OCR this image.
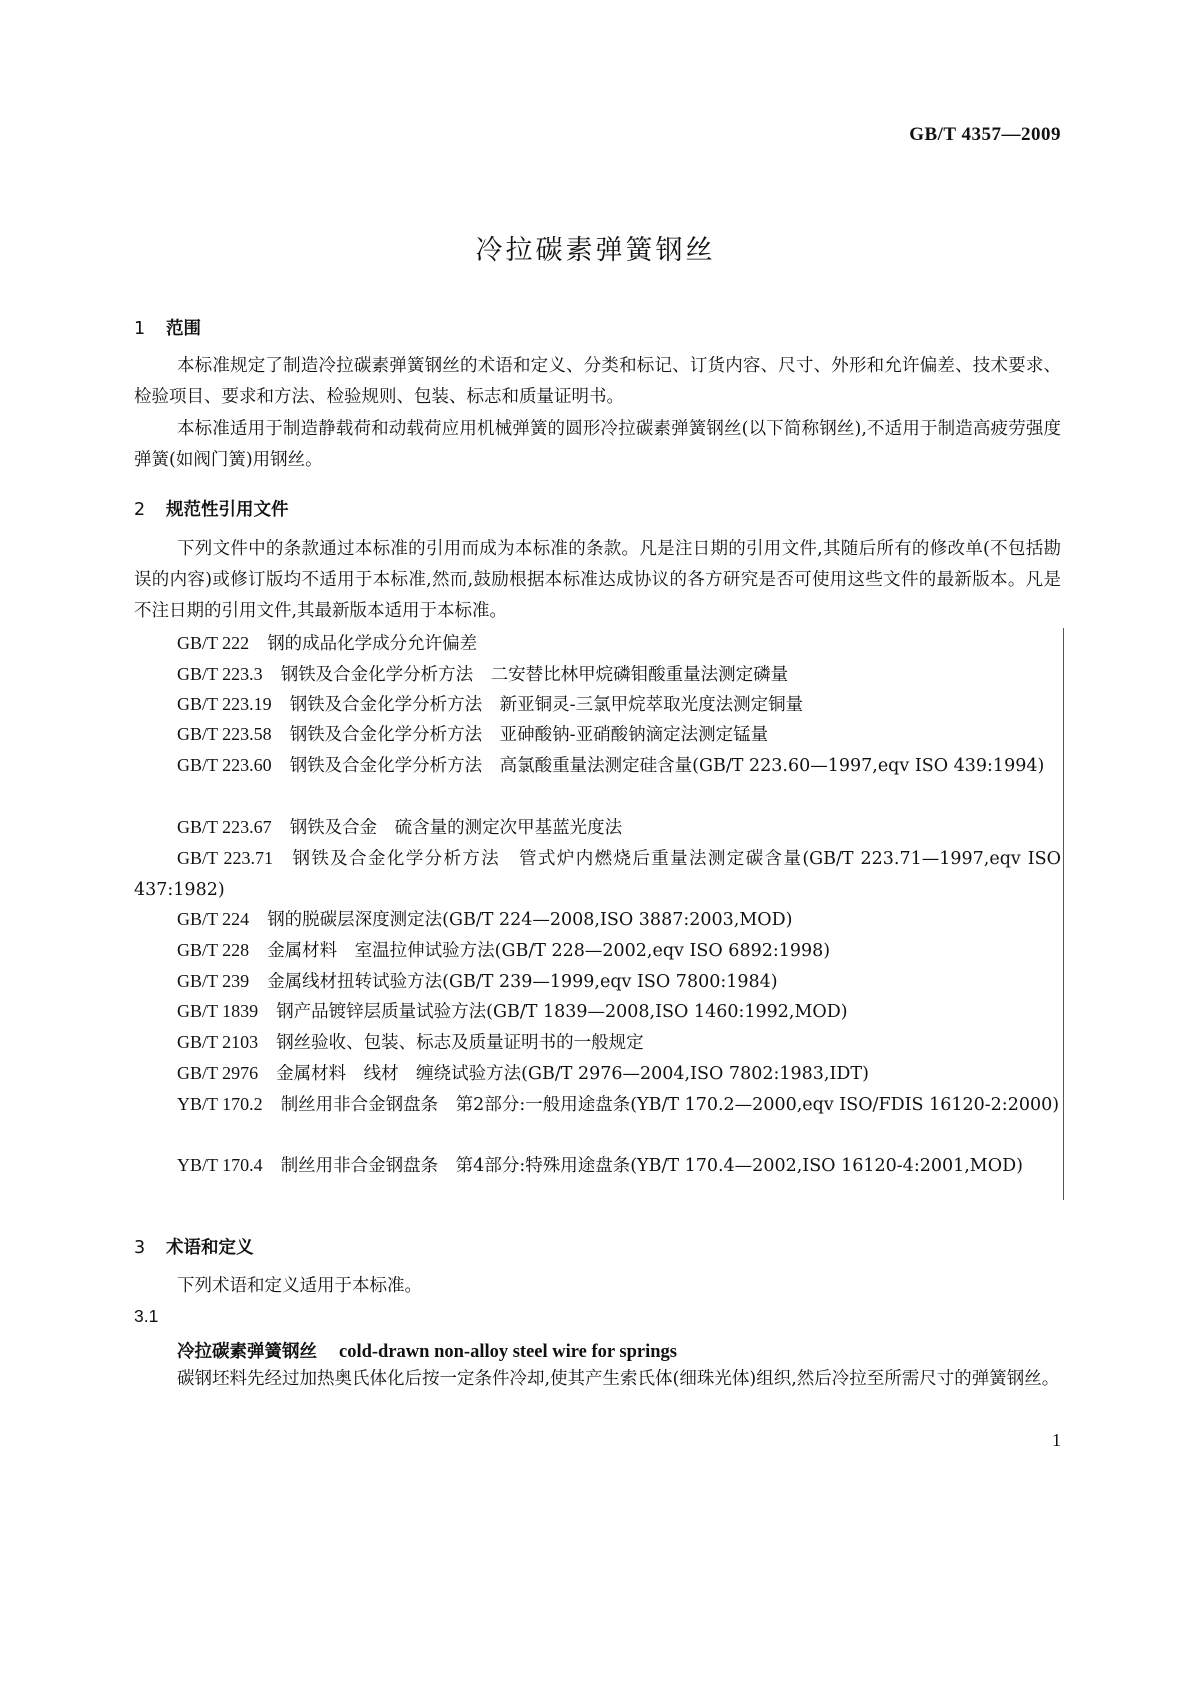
GB/T 4357—2009
冷拉碳素弹簧钢丝
1 范围

本标准规定了制造冷拉碳素弹簧钢丝的术语和定义、分类和标记、订货内容、尺寸、外形和允许偏差、技术要求、检验项目、要求和方法、检验规则、包装、标志和质量证明书。

本标准适用于制造静载荷和动载荷应用机械弹簧的圆形冷拉碳素弹簧钢丝(以下简称钢丝),不适用于制造高疲劳强度弹簧(如阀门簧)用钢丝。

2 规范性引用文件

下列文件中的条款通过本标准的引用而成为本标准的条款。凡是注日期的引用文件,其随后所有的修改单(不包括勘误的内容)或修订版均不适用于本标准,然而,鼓励根据本标准达成协议的各方研究是否可使用这些文件的最新版本。凡是不注日期的引用文件,其最新版本适用于本标准。

GB/T 222 钢的成品化学成分允许偏差

GB/T 223.3 钢铁及合金化学分析方法　二安替比林甲烷磷钼酸重量法测定磷量

GB/T 223.19 钢铁及合金化学分析方法　新亚铜灵-三氯甲烷萃取光度法测定铜量

GB/T 223.58 钢铁及合金化学分析方法　亚砷酸钠-亚硝酸钠滴定法测定锰量

GB/T 223.60 钢铁及合金化学分析方法　高氯酸重量法测定硅含量(GB/T 223.60—1997,eqv ISO 439:1994)

GB/T 223.67 钢铁及合金　硫含量的测定次甲基蓝光度法

GB/T 223.71 钢铁及合金化学分析方法　管式炉内燃烧后重量法测定碳含量(GB/T 223.71—1997,eqv ISO 437:1982)

GB/T 224 钢的脱碳层深度测定法(GB/T 224—2008,ISO 3887:2003,MOD)

GB/T 228 金属材料　室温拉伸试验方法(GB/T 228—2002,eqv ISO 6892:1998)

GB/T 239 金属线材扭转试验方法(GB/T 239—1999,eqv ISO 7800:1984)

GB/T 1839 钢产品镀锌层质量试验方法(GB/T 1839—2008,ISO 1460:1992,MOD)

GB/T 2103 钢丝验收、包装、标志及质量证明书的一般规定

GB/T 2976 金属材料　线材　缠绕试验方法(GB/T 2976—2004,ISO 7802:1983,IDT)

YB/T 170.2 制丝用非合金钢盘条　第2部分:一般用途盘条(YB/T 170.2—2000,eqv ISO/FDIS 16120-2:2000)

YB/T 170.4 制丝用非合金钢盘条　第4部分:特殊用途盘条(YB/T 170.4—2002,ISO 16120-4:2001,MOD)

3 术语和定义

下列术语和定义适用于本标准。

3.1
冷拉碳素弹簧钢丝 cold-drawn non-alloy steel wire for springs

碳钢坯料先经过加热奥氏体化后按一定条件冷却,使其产生索氏体(细珠光体)组织,然后冷拉至所需尺寸的弹簧钢丝。

1
